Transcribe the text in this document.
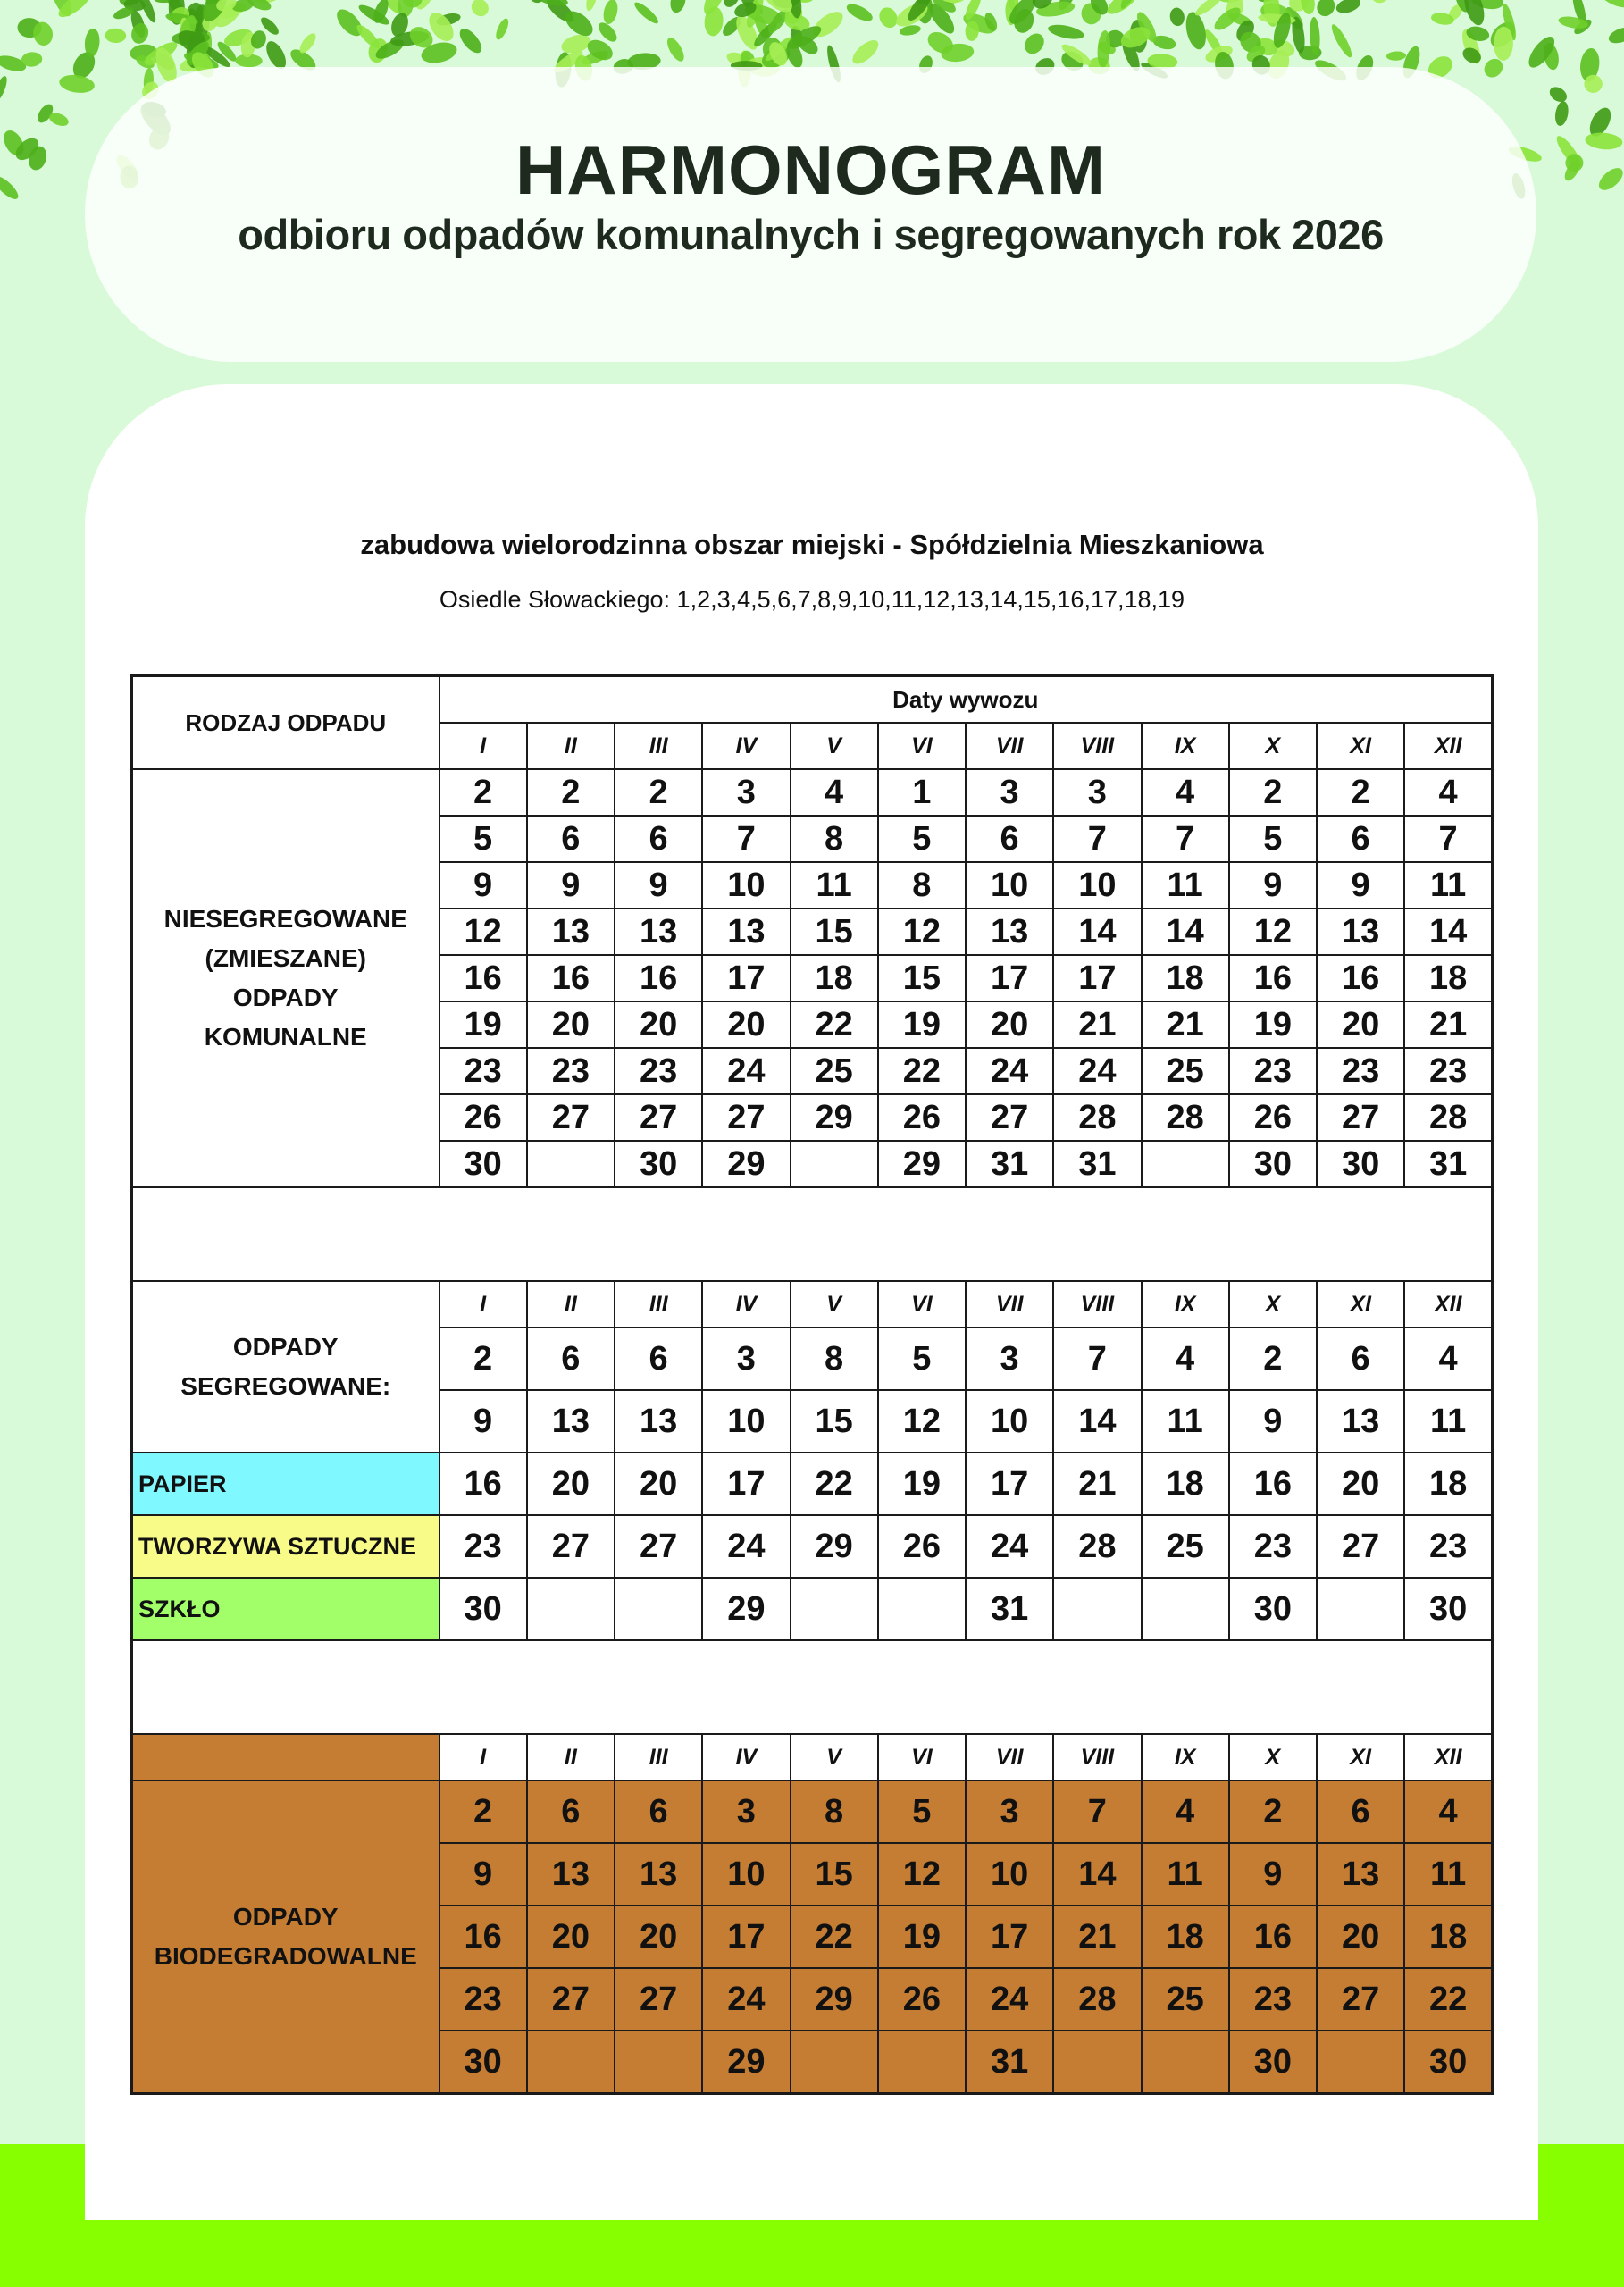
HARMONOGRAM
odbioru odpadów komunalnych i segregowanych rok 2026
zabudowa wielorodzinna obszar miejski - Spółdzielnia Mieszkaniowa
Osiedle Słowackiego: 1,2,3,4,5,6,7,8,9,10,11,12,13,14,15,16,17,18,19
RODZAJ ODPADU	Daty wywozu											
	I	II	III	IV	V	VI	VII	VIII	IX	X	XI	XII

NIESEGREGOWANE
(ZMIESZANE)
ODPADY
KOMUNALNE	2	2	2	3	4	1	3	3	4	2	2	4
	5	6	6	7	8	5	6	7	7	5	6	7
	9	9	9	10	11	8	10	10	11	9	9	11
	12	13	13	13	15	12	13	14	14	12	13	14
	16	16	16	17	18	15	17	17	18	16	16	18
	19	20	20	20	22	19	20	21	21	19	20	21
	23	23	23	24	25	22	24	24	25	23	23	23
	26	27	27	27	29	26	27	28	28	26	27	28
	30		30	29		29	31	31		30	30	31

ODPADY
SEGREGOWANE:	I	II	III	IV	V	VI	VII	VIII	IX	X	XI	XII
	2	6	6	3	8	5	3	7	4	2	6	4
	9	13	13	10	15	12	10	14	11	9	13	11
PAPIER	16	20	20	17	22	19	17	21	18	16	20	18
TWORZYWA SZTUCZNE	23	27	27	24	29	26	24	28	25	23	27	23
SZKŁO	30			29			31			30		30

	I	II	III	IV	V	VI	VII	VIII	IX	X	XI	XII

ODPADY
BIODEGRADOWALNE	2	6	6	3	8	5	3	7	4	2	6	4
	9	13	13	10	15	12	10	14	11	9	13	11
	16	20	20	17	22	19	17	21	18	16	20	18
	23	27	27	24	29	26	24	28	25	23	27	22
	30			29			31			30		30
